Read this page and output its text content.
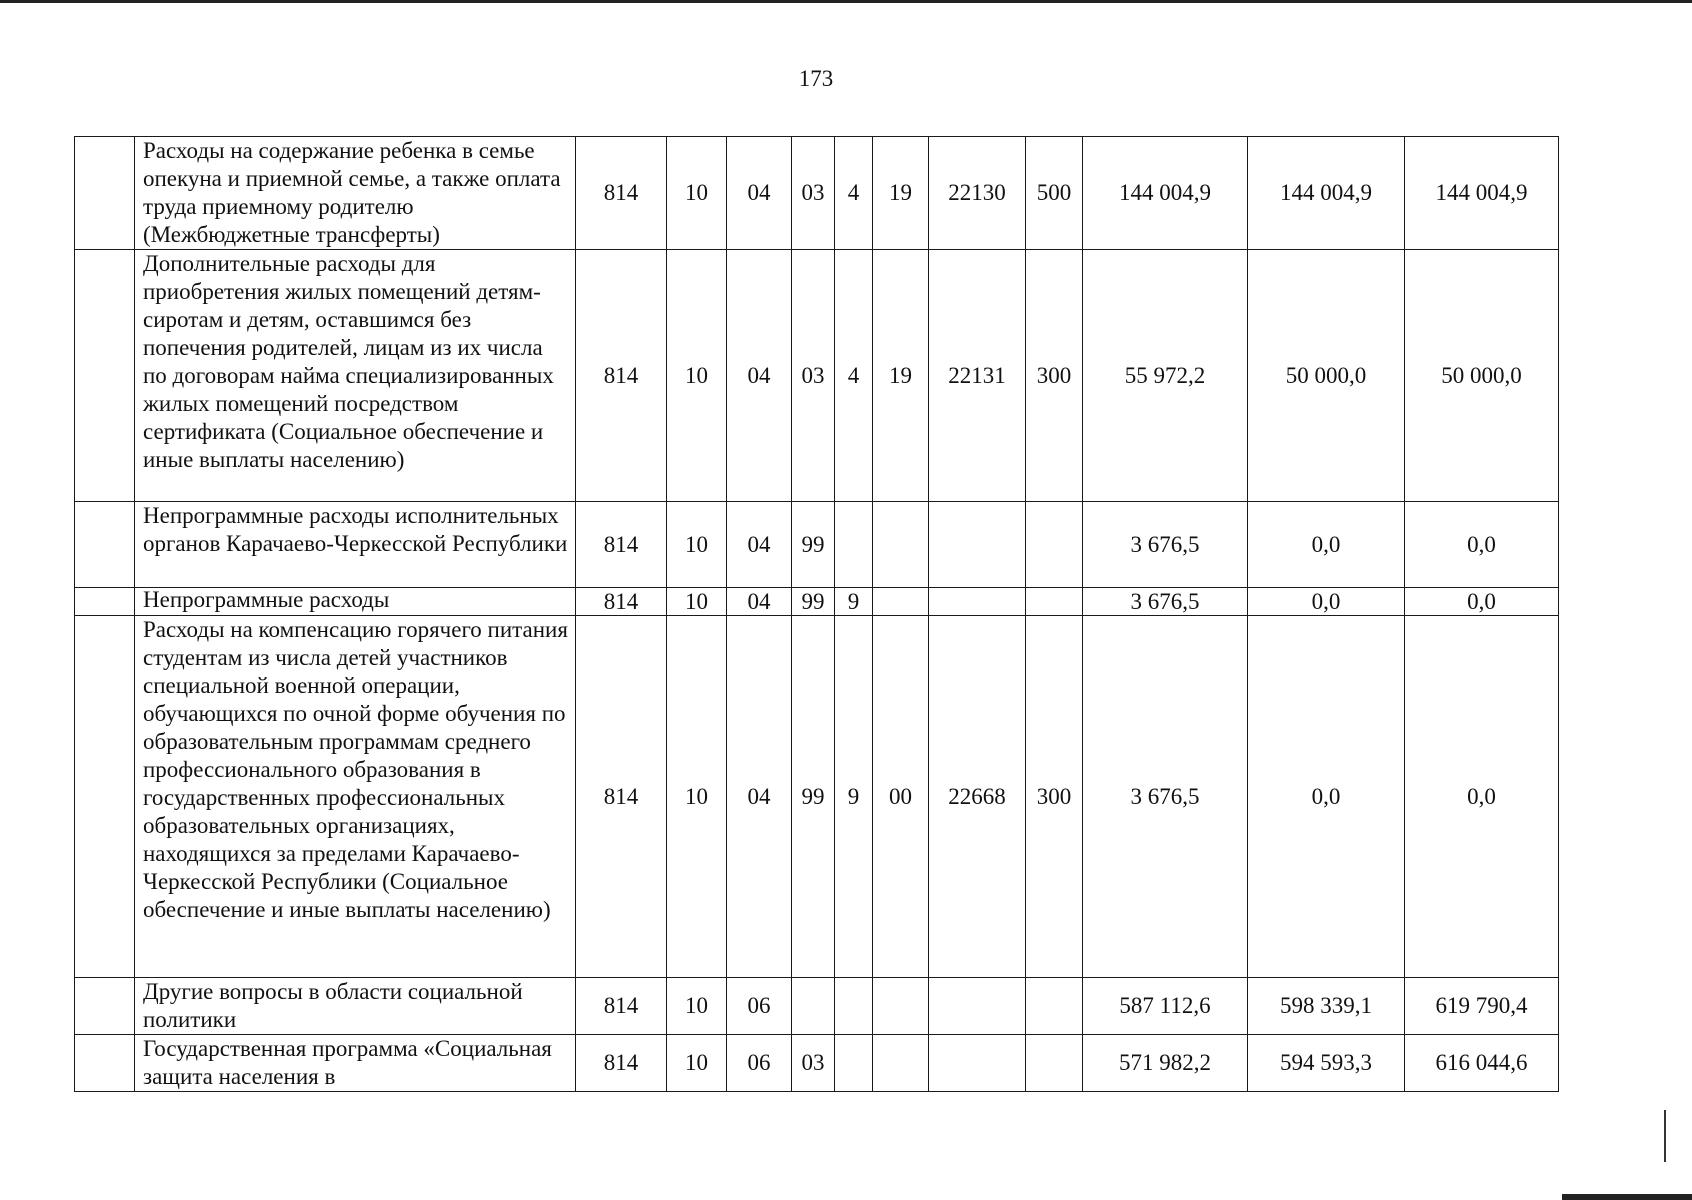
173
	Расходы на содержание ребенка в семье опекуна и приемной семье, а также оплата труда приемному родителю (Межбюджетные трансферты)	814	10	04	03	4	19	22130	500	144 004,9	144 004,9	144 004,9
	Дополнительные расходы для приобретения жилых помещений детям-сиротам и детям, оставшимся без попечения родителей, лицам из их числа по договорам найма специализированных жилых помещений посредством сертификата (Социальное обеспечение и иные выплаты населению)	814	10	04	03	4	19	22131	300	55 972,2	50 000,0	50 000,0
	Непрограммные расходы исполнительных органов Карачаево-Черкесской Республики	814	10	04	99					3 676,5	0,0	0,0
	Непрограммные расходы	814	10	04	99	9				3 676,5	0,0	0,0
	Расходы на компенсацию горячего питания студентам из числа детей участников специальной военной операции, обучающихся по очной форме обучения по образовательным программам среднего профессионального образования в государственных профессиональных образовательных организациях, находящихся за пределами Карачаево-Черкесской Республики (Социальное обеспечение и иные выплаты населению)	814	10	04	99	9	00	22668	300	3 676,5	0,0	0,0
	Другие вопросы в области социальной политики	814	10	06						587 112,6	598 339,1	619 790,4
	Государственная программа «Социальная защита населения в	814	10	06	03					571 982,2	594 593,3	616 044,6
